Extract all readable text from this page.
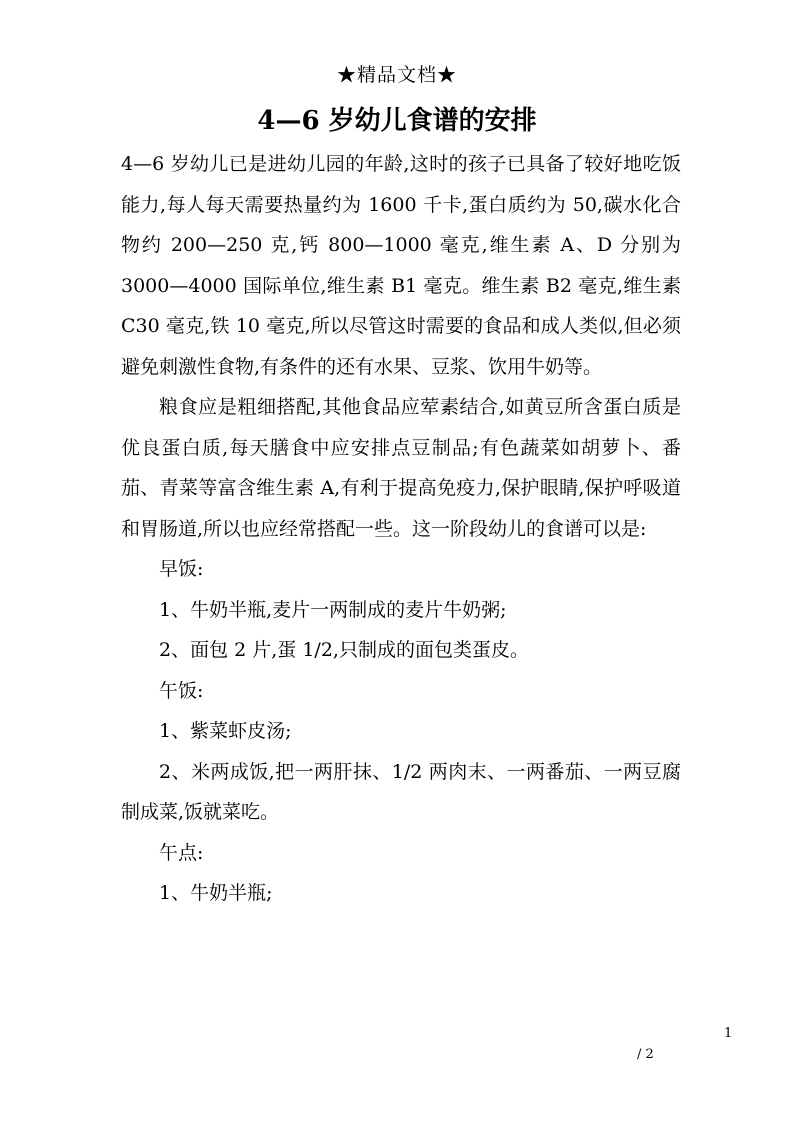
★精品文档★
4—6 岁幼儿食谱的安排

4—6 岁幼儿已是进幼儿园的年龄,这时的孩子已具备了较好地吃饭能力,每人每天需要热量约为 1600 千卡,蛋白质约为 50,碳水化合物约 200—250 克,钙 800—1000 毫克,维生素 A、D 分别为 3000—4000 国际单位,维生素 B1 毫克。维生素 B2 毫克,维生素 C30 毫克,铁 10 毫克,所以尽管这时需要的食品和成人类似,但必须避免刺激性食物,有条件的还有水果、豆浆、饮用牛奶等。

粮食应是粗细搭配,其他食品应荤素结合,如黄豆所含蛋白质是优良蛋白质,每天膳食中应安排点豆制品;有色蔬菜如胡萝卜、番茄、青菜等富含维生素 A,有利于提高免疫力,保护眼睛,保护呼吸道和胃肠道,所以也应经常搭配一些。这一阶段幼儿的食谱可以是:

早饭:

1、牛奶半瓶,麦片一两制成的麦片牛奶粥;

2、面包 2 片,蛋 1/2,只制成的面包类蛋皮。

午饭:

1、紫菜虾皮汤;

2、米两成饭,把一两肝抹、1/2 两肉末、一两番茄、一两豆腐制成菜,饭就菜吃。

午点:

1、牛奶半瓶;

1
/ 2
